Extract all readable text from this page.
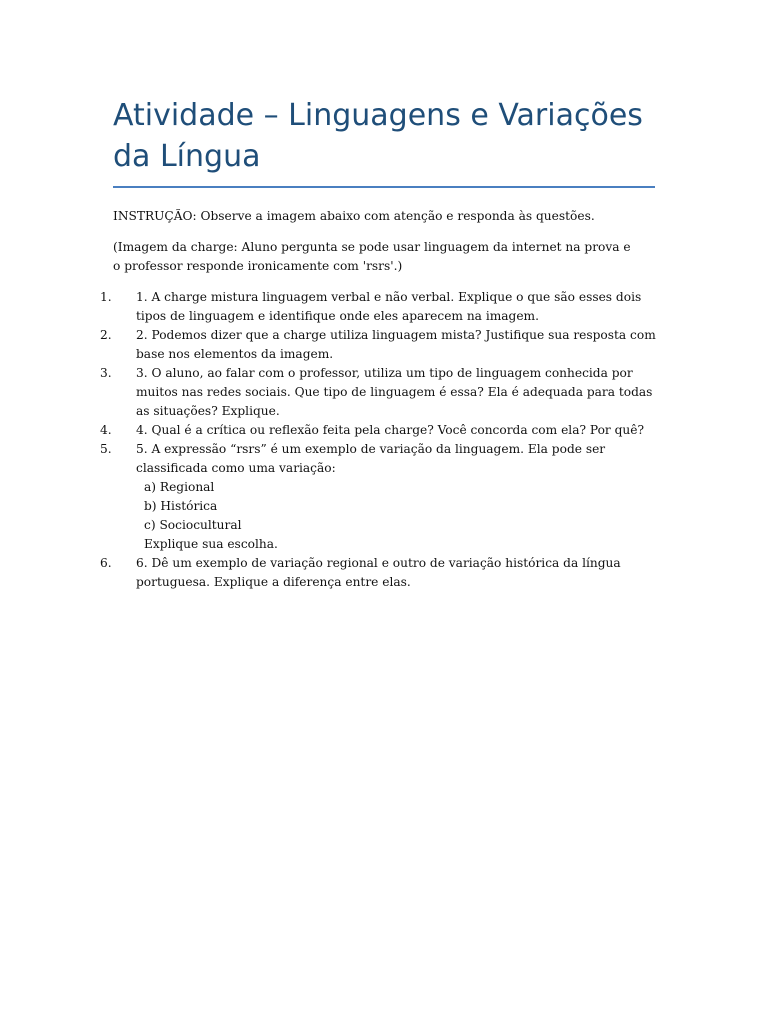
Atividade – Linguagens e Variações da Língua

INSTRUÇÃO: Observe a imagem abaixo com atenção e responda às questões.

(Imagem da charge: Aluno pergunta se pode usar linguagem da internet na prova e o professor responde ironicamente com 'rsrs'.)

1.	1. A charge mistura linguagem verbal e não verbal. Explique o que são esses dois tipos de linguagem e identifique onde eles aparecem na imagem.
2.	2. Podemos dizer que a charge utiliza linguagem mista? Justifique sua resposta com base nos elementos da imagem.
3.	3. O aluno, ao falar com o professor, utiliza um tipo de linguagem conhecida por muitos nas redes sociais. Que tipo de linguagem é essa? Ela é adequada para todas as situações? Explique.
4.	4. Qual é a crítica ou reflexão feita pela charge? Você concorda com ela? Por quê?
5.	5. A expressão “rsrs” é um exemplo de variação da linguagem. Ela pode ser classificada como uma variação:
a) Regional
b) Histórica
c) Sociocultural
Explique sua escolha.
6.	6. Dê um exemplo de variação regional e outro de variação histórica da língua portuguesa. Explique a diferença entre elas.
